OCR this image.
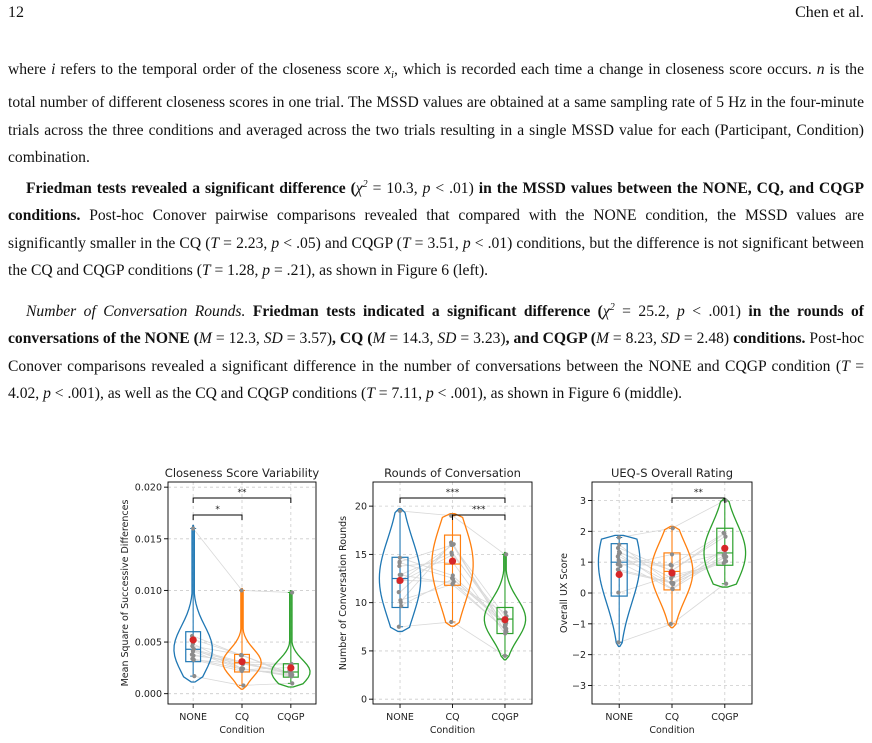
12	Chen et al.

where i refers to the temporal order of the closeness score $x_i$, which is recorded each time a change in closeness score occurs. n is the total number of different closeness scores in one trial. The MSSD values are obtained at a same sampling rate of 5 Hz in the four-minute trials across the three conditions and averaged across the two trials resulting in a single MSSD value for each (Participant, Condition) combination.

Friedman tests revealed a significant difference ($\chi^2 = 10.3$, p < .01) in the MSSD values between the NONE, CQ, and CQGP conditions. Post-hoc Conover pairwise comparisons revealed that compared with the NONE condition, the MSSD values are significantly smaller in the CQ (T = 2.23, p < .05) and CQGP (T = 3.51, p < .01) conditions, but the difference is not significant between the CQ and CQGP conditions (T = 1.28, p = .21), as shown in Figure 6 (left).

Number of Conversation Rounds. Friedman tests indicated a significant difference ($\chi^2 = 25.2$, p < .001) in the rounds of conversations of the NONE (M = 12.3, SD = 3.57), CQ (M = 14.3, SD = 3.23), and CQGP (M = 8.23, SD = 2.48) conditions. Post-hoc Conover comparisons revealed a significant difference in the number of conversations between the NONE and CQGP condition (T = 4.02, p < .001), as well as the CQ and CQGP conditions (T = 7.11, p < .001), as shown in Figure 6 (middle).

**
*
0.000
0.005
0.010
0.015
0.020
NONE	CQ	CQGP
Condition
Closeness Score Variability
Mean Square of Successive Differences
***
***
0
5
10
15
20
NONE	CQ	CQGP
Condition
Rounds of Conversation
Number of Conversation Rounds
**
−3
−2
−1
0
1
2
3
NONE	CQ	CQGP
Condition
UEQ-S Overall Rating
Overall UX Score
